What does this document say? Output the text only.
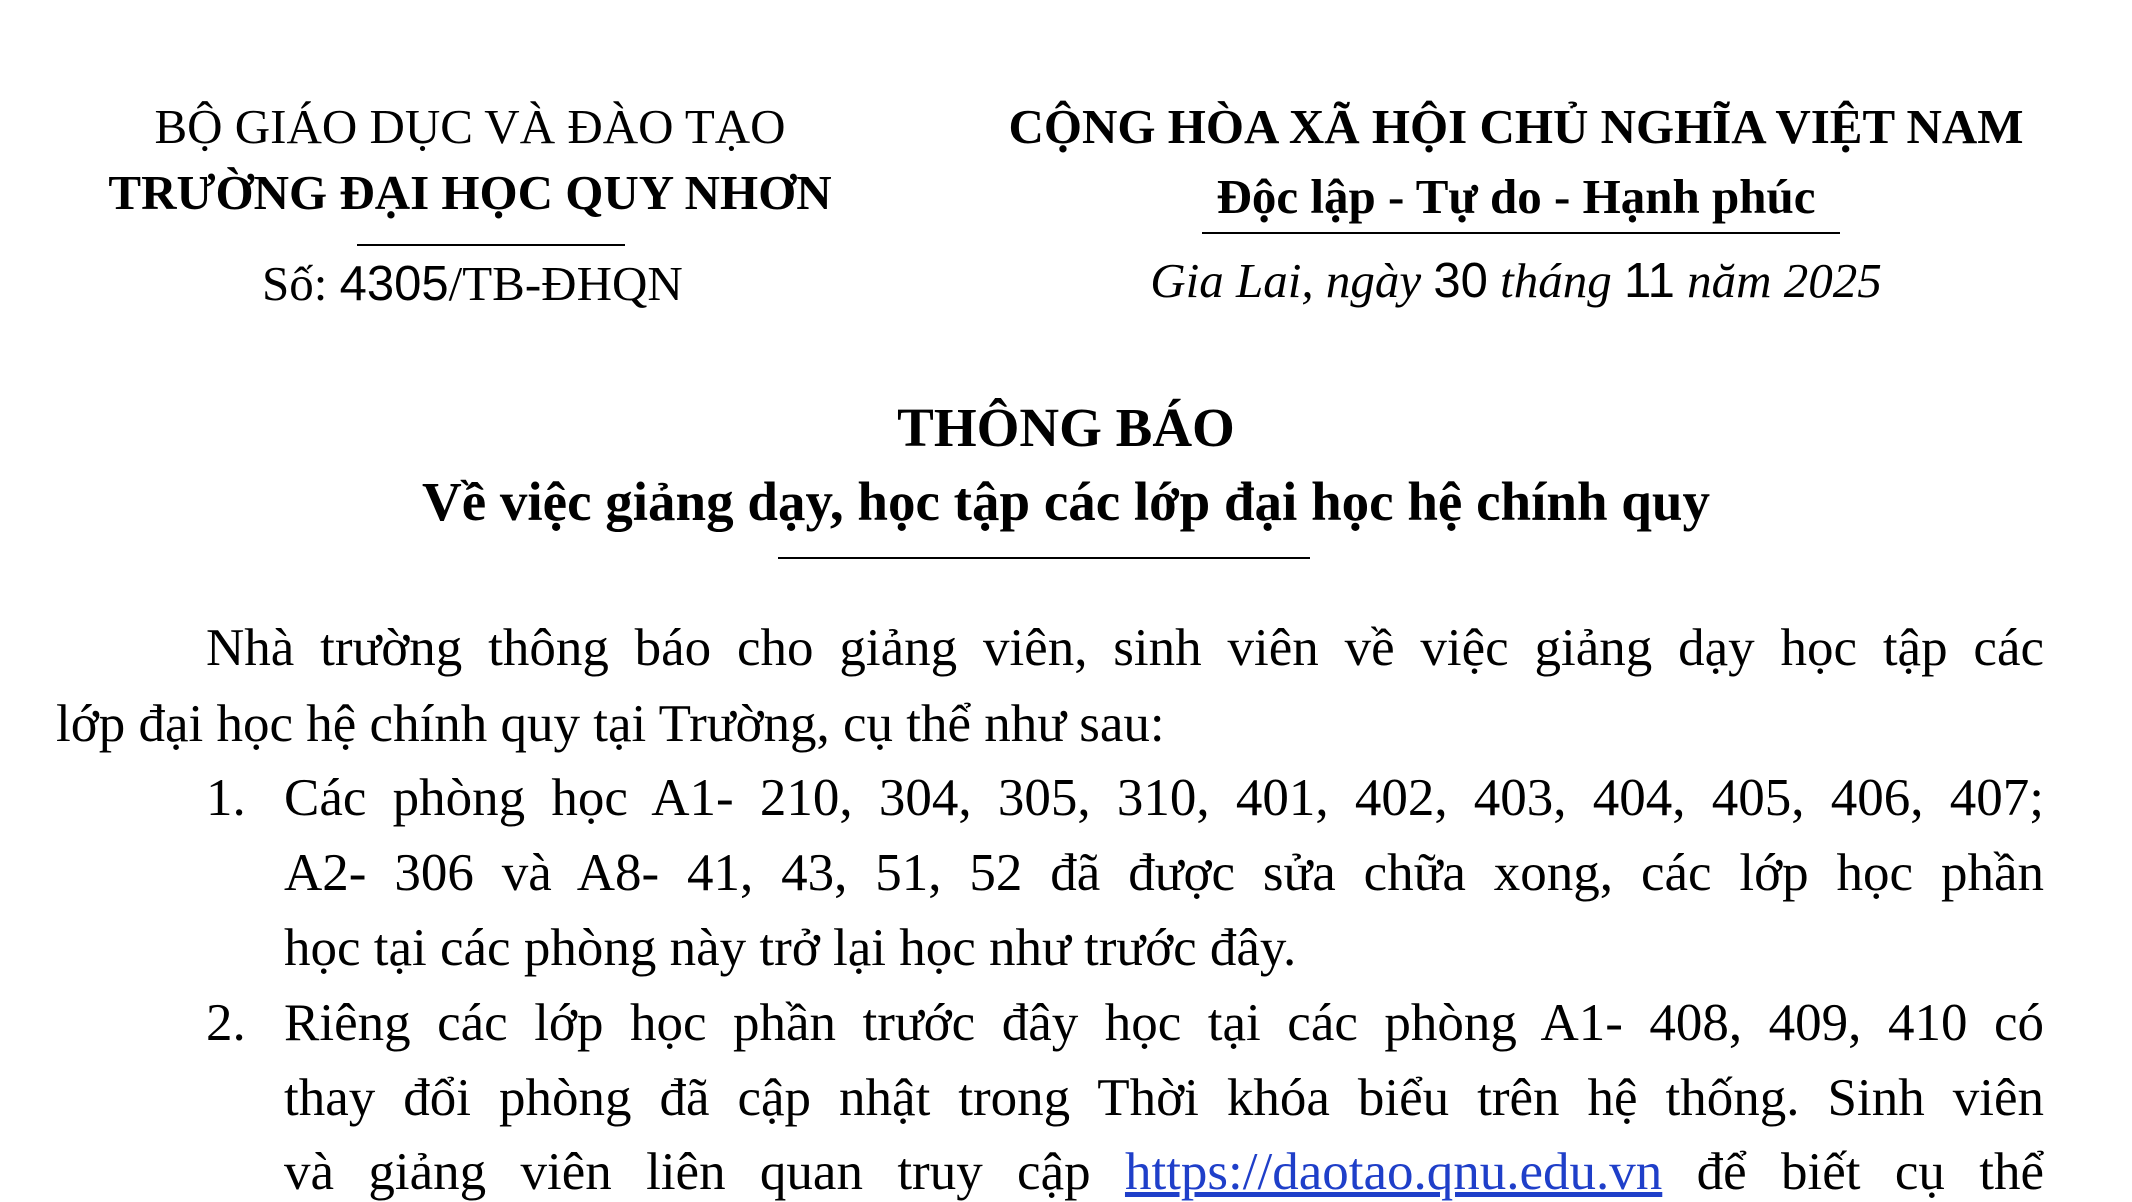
BỘ GIÁO DỤC VÀ ĐÀO TẠO
TRƯỜNG ĐẠI HỌC QUY NHƠN
Số: 4305/TB-ĐHQN
CỘNG HÒA XÃ HỘI CHỦ NGHĨA VIỆT NAM
Độc lập - Tự do - Hạnh phúc
Gia Lai, ngày 30 tháng 11 năm 2025
THÔNG BÁO
Về việc giảng dạy, học tập các lớp đại học hệ chính quy
Nhà trường thông báo cho giảng viên, sinh viên về việc giảng dạy học tập các
lớp đại học hệ chính quy tại Trường, cụ thể như sau:
1. Các phòng học A1- 210, 304, 305, 310, 401, 402, 403, 404, 405, 406, 407;
A2- 306 và A8- 41, 43, 51, 52 đã được sửa chữa xong, các lớp học phần
học tại các phòng này trở lại học như trước đây.
2. Riêng các lớp học phần trước đây học tại các phòng A1- 408, 409, 410 có
thay đổi phòng đã cập nhật trong Thời khóa biểu trên hệ thống. Sinh viên
và giảng viên liên quan truy cập https://daotao.qnu.edu.vn để biết cụ thể
